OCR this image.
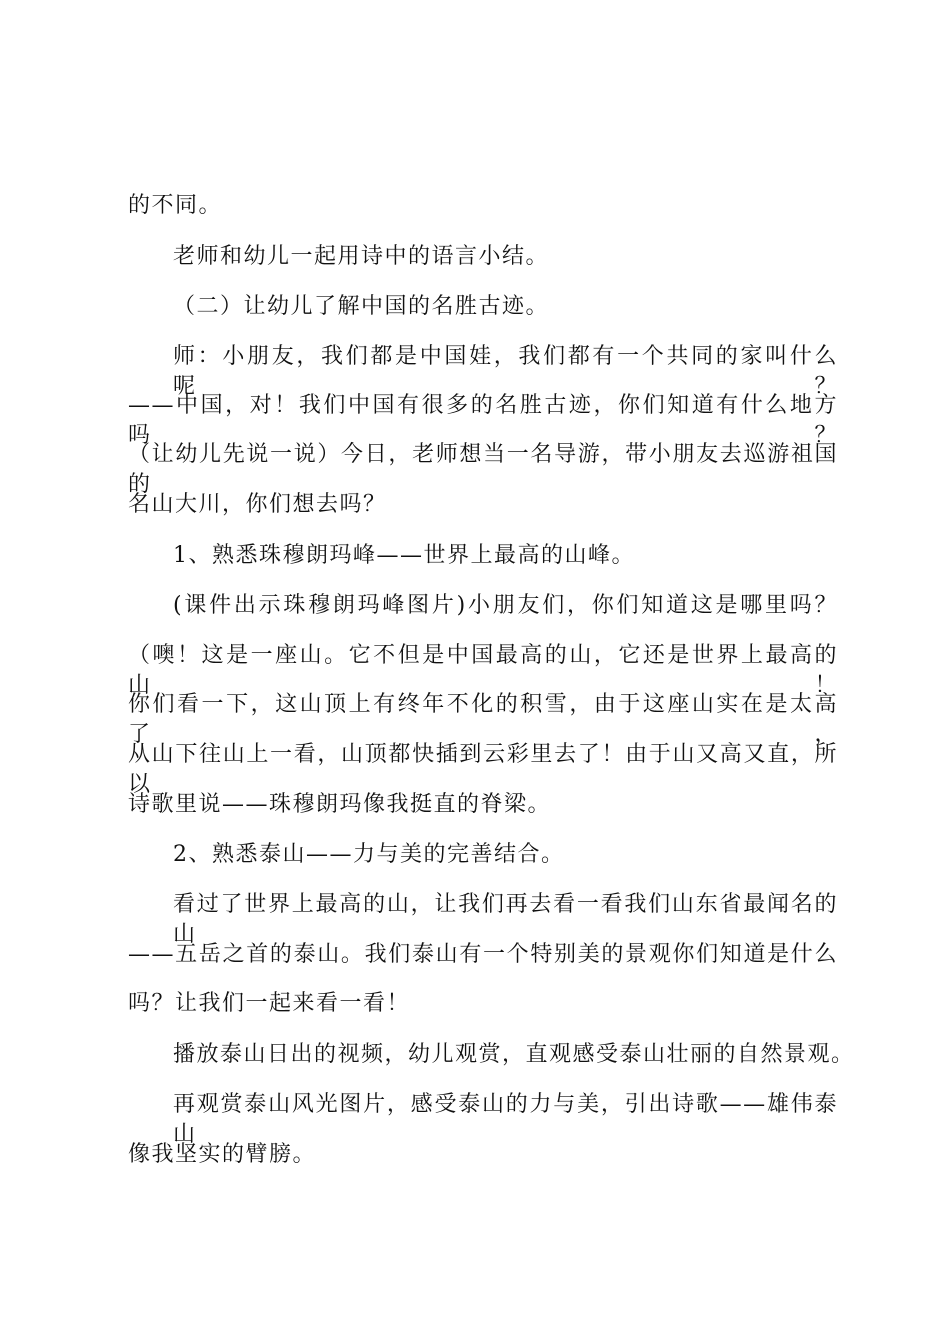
的不同。

老师和幼儿一起用诗中的语言小结。

（二）让幼儿了解中国的名胜古迹。

师：小朋友，我们都是中国娃，我们都有一个共同的家叫什么呢？

——中国，对！我们中国有很多的名胜古迹，你们知道有什么地方吗？

（让幼儿先说一说）今日，老师想当一名导游，带小朋友去巡游祖国的

名山大川，你们想去吗？

1、熟悉珠穆朗玛峰——世界上最高的山峰。

(课件出示珠穆朗玛峰图片)小朋友们，你们知道这是哪里吗？

（噢！这是一座山。它不但是中国最高的山，它还是世界上最高的山！

你们看一下，这山顶上有终年不化的积雪，由于这座山实在是太高了，

从山下往山上一看，山顶都快插到云彩里去了！由于山又高又直，所以

诗歌里说——珠穆朗玛像我挺直的脊梁。

2、熟悉泰山——力与美的完善结合。

看过了世界上最高的山，让我们再去看一看我们山东省最闻名的山

——五岳之首的泰山。我们泰山有一个特别美的景观你们知道是什么

吗？让我们一起来看一看！

播放泰山日出的视频，幼儿观赏，直观感受泰山壮丽的自然景观。

再观赏泰山风光图片，感受泰山的力与美，引出诗歌——雄伟泰山

像我坚实的臂膀。
